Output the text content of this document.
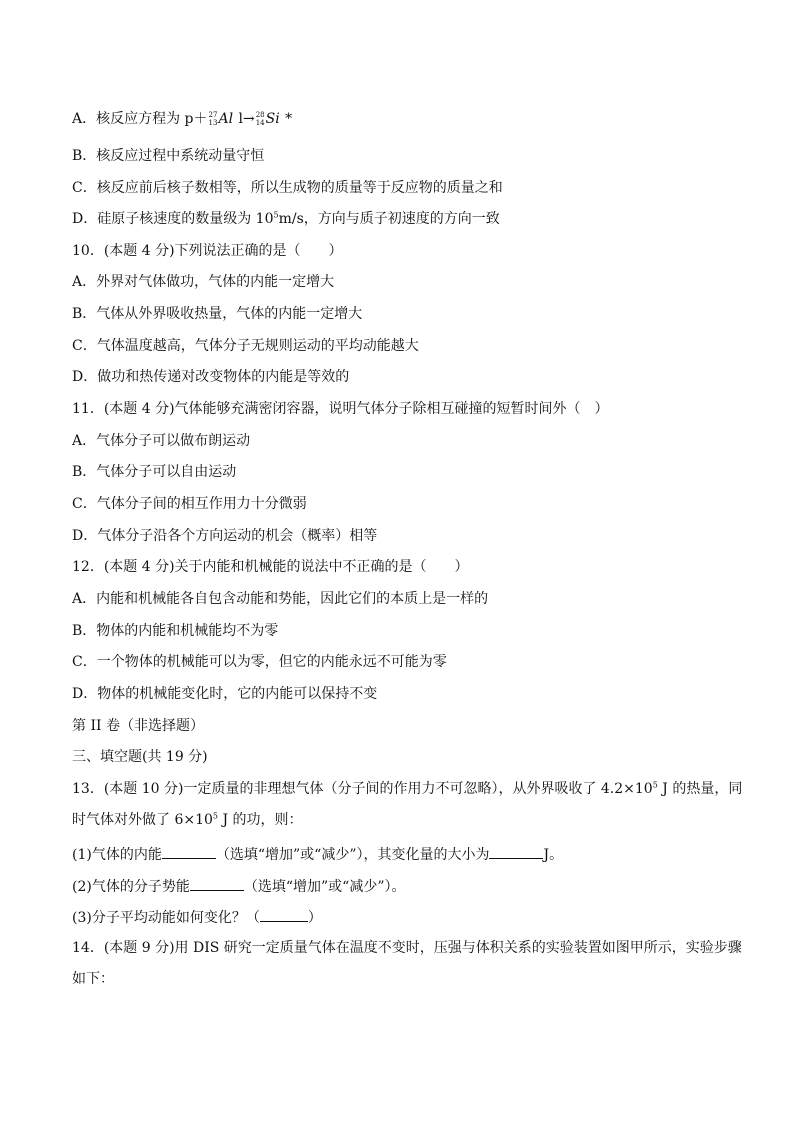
A．核反应方程为 p＋ 27
13 Al l→ 28
14 Si *
B．核反应过程中系统动量守恒
C．核反应前后核子数相等，所以生成物的质量等于反应物的质量之和
D．硅原子核速度的数量级为 $10^5m/s$，方向与质子初速度的方向一致
10．(本题 4 分)下列说法正确的是（　　）
A．外界对气体做功，气体的内能一定增大
B．气体从外界吸收热量，气体的内能一定增大
C．气体温度越高，气体分子无规则运动的平均动能越大
D．做功和热传递对改变物体的内能是等效的
11．(本题 4 分)气体能够充满密闭容器，说明气体分子除相互碰撞的短暂时间外（　）
A．气体分子可以做布朗运动
B．气体分子可以自由运动
C．气体分子间的相互作用力十分微弱
D．气体分子沿各个方向运动的机会（概率）相等
12．(本题 4 分)关于内能和机械能的说法中不正确的是（　　）
A．内能和机械能各自包含动能和势能，因此它们的本质上是一样的
B．物体的内能和机械能均不为零
C．一个物体的机械能可以为零，但它的内能永远不可能为零
D．物体的机械能变化时，它的内能可以保持不变
第 II 卷（非选择题）
三、填空题(共 19 分)
13．(本题 10 分)一定质量的非理想气体（分子间的作用力不可忽略），从外界吸收了 $4.2\times 10^5$ J 的热量，同
时气体对外做了 $6\times 10^5$ J 的功，则：
(1)气体的内能	（选填“增加”或“减少”），其变化量的大小为	J。
(2)气体的分子势能	（选填“增加”或“减少”）。
(3)分子平均动能如何变化？（	）
14．(本题 9 分)用 DIS 研究一定质量气体在温度不变时，压强与体积关系的实验装置如图甲所示，实验步骤
如下：
